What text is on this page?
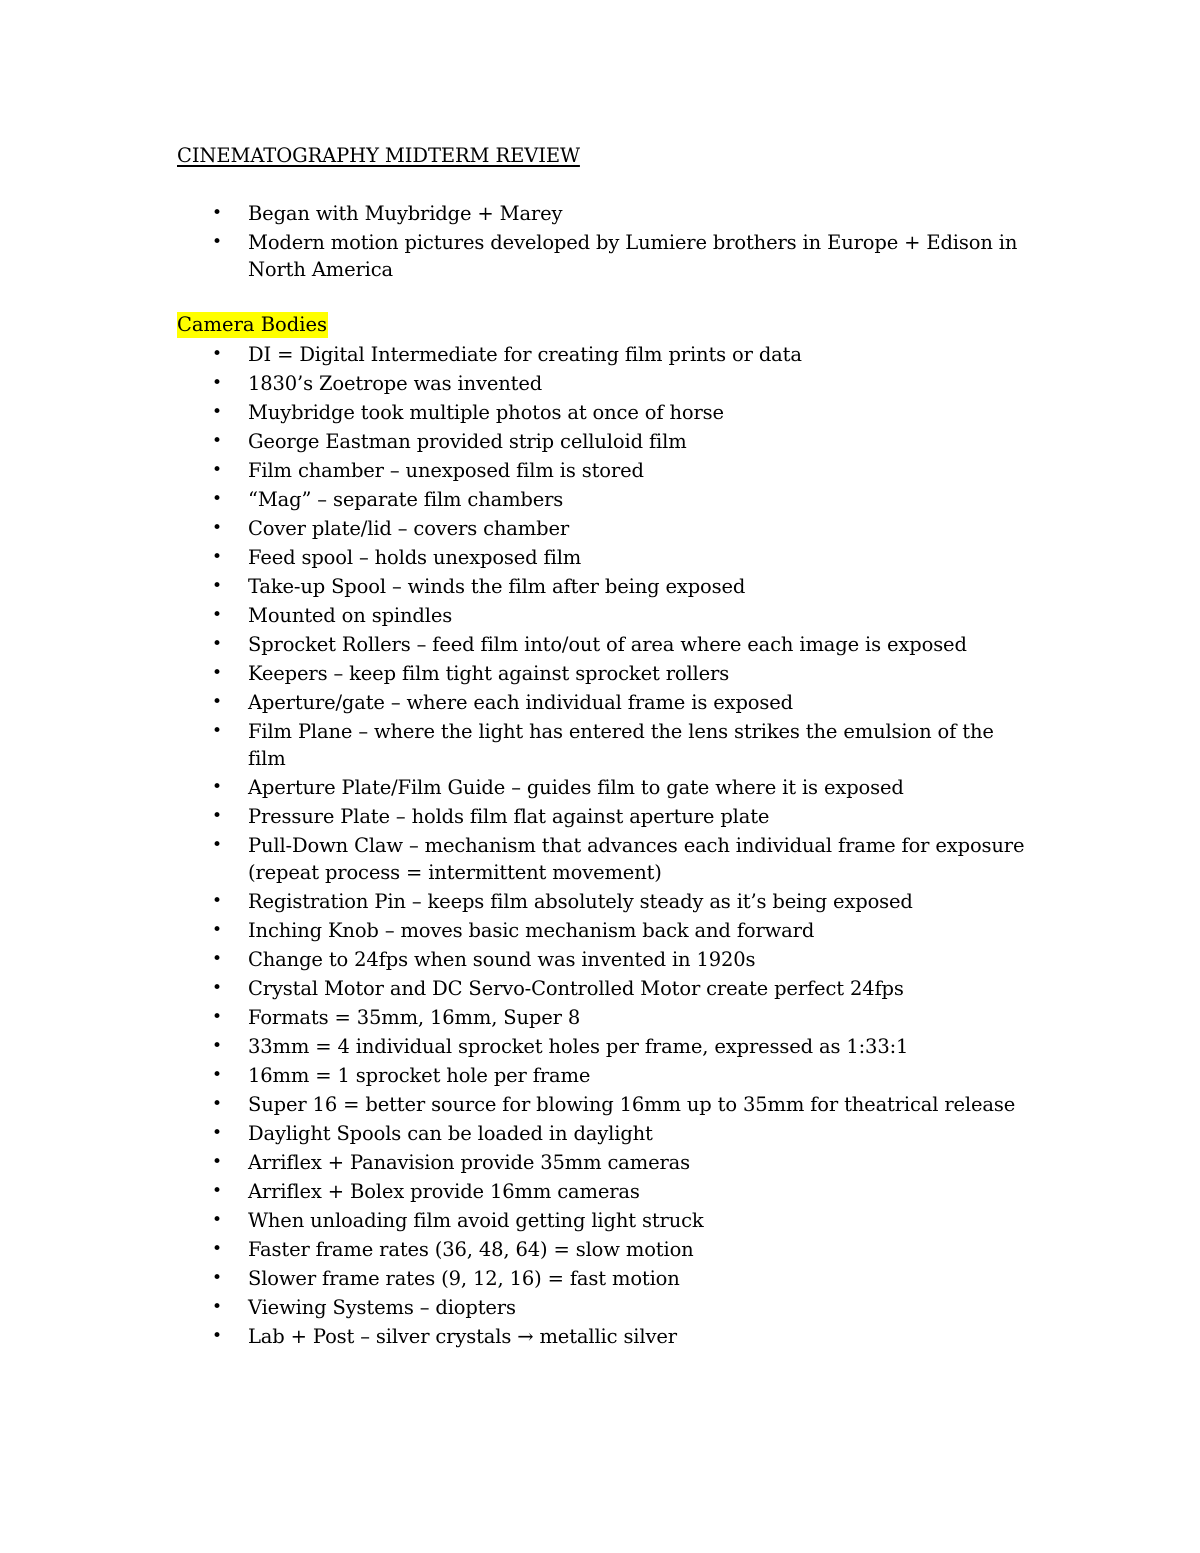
CINEMATOGRAPHY MIDTERM REVIEW
• Began with Muybridge + Marey
• Modern motion pictures developed by Lumiere brothers in Europe + Edison in North America
Camera Bodies
• DI = Digital Intermediate for creating film prints or data
• 1830’s Zoetrope was invented
• Muybridge took multiple photos at once of horse
• George Eastman provided strip celluloid film
• Film chamber – unexposed film is stored
• “Mag” – separate film chambers
• Cover plate/lid – covers chamber
• Feed spool – holds unexposed film
• Take-up Spool – winds the film after being exposed
• Mounted on spindles
• Sprocket Rollers – feed film into/out of area where each image is exposed
• Keepers – keep film tight against sprocket rollers
• Aperture/gate – where each individual frame is exposed
• Film Plane – where the light has entered the lens strikes the emulsion of the film
• Aperture Plate/Film Guide – guides film to gate where it is exposed
• Pressure Plate – holds film flat against aperture plate
• Pull-Down Claw – mechanism that advances each individual frame for exposure (repeat process = intermittent movement)
• Registration Pin – keeps film absolutely steady as it’s being exposed
• Inching Knob – moves basic mechanism back and forward
• Change to 24fps when sound was invented in 1920s
• Crystal Motor and DC Servo-Controlled Motor create perfect 24fps
• Formats = 35mm, 16mm, Super 8
• 33mm = 4 individual sprocket holes per frame, expressed as 1:33:1
• 16mm = 1 sprocket hole per frame
• Super 16 = better source for blowing 16mm up to 35mm for theatrical release
• Daylight Spools can be loaded in daylight
• Arriflex + Panavision provide 35mm cameras
• Arriflex + Bolex provide 16mm cameras
• When unloading film avoid getting light struck
• Faster frame rates (36, 48, 64) = slow motion
• Slower frame rates (9, 12, 16) = fast motion
• Viewing Systems – diopters
• Lab + Post – silver crystals → metallic silver
